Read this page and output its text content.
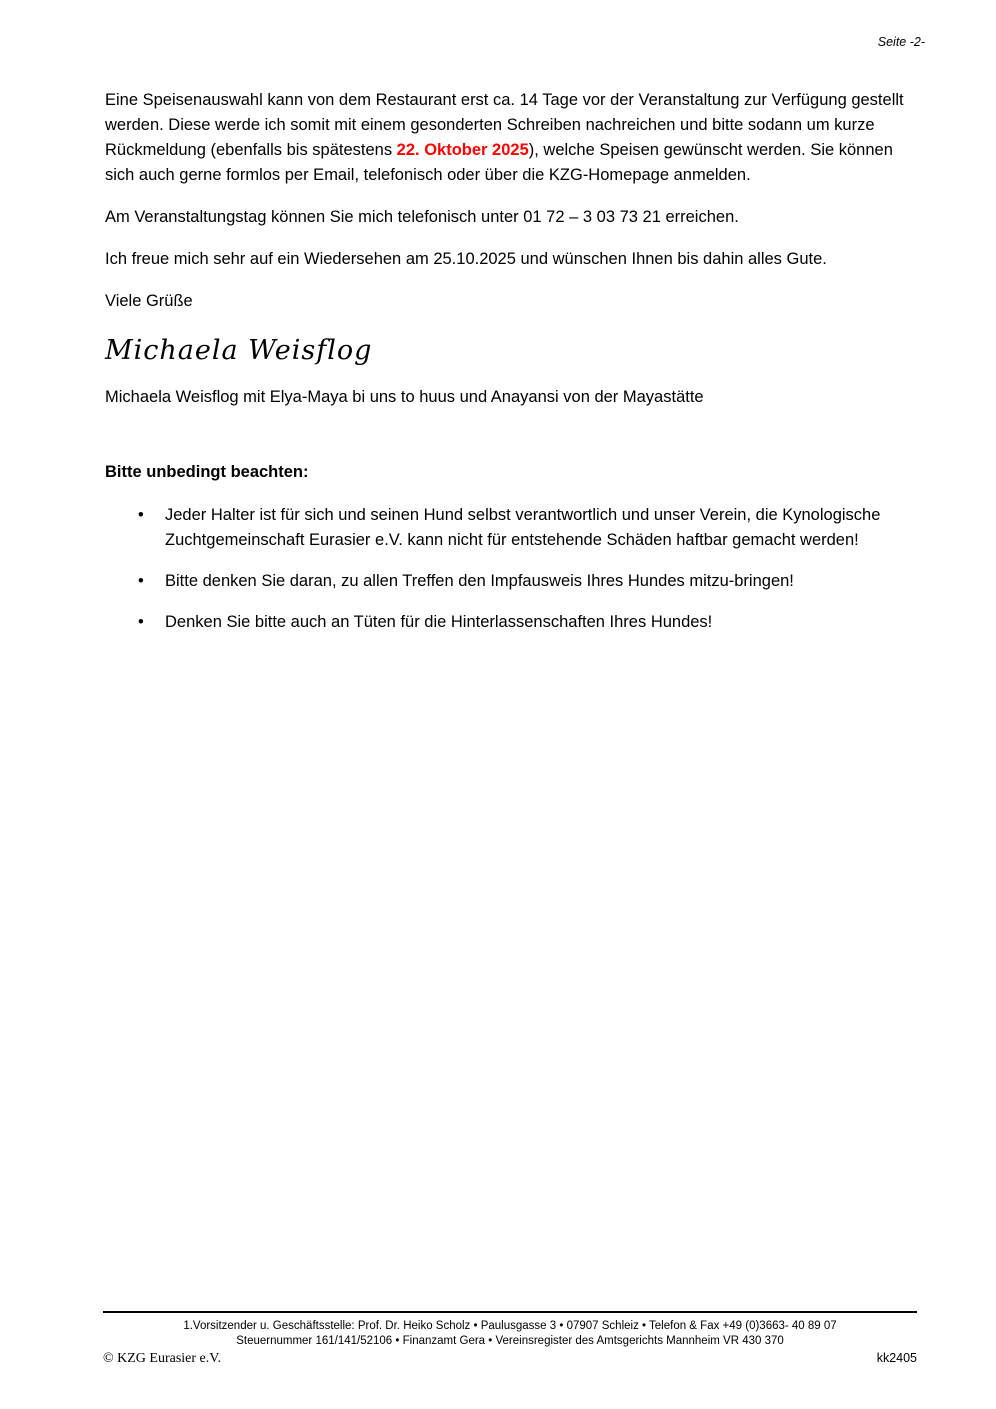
Seite -2-

Eine Speisenauswahl kann von dem Restaurant erst ca. 14 Tage vor der Veranstaltung zur Verfügung gestellt werden. Diese werde ich somit mit einem gesonderten Schreiben nachreichen und bitte sodann um kurze Rückmeldung (ebenfalls bis spätestens 22. Oktober 2025), welche Speisen gewünscht werden. Sie können sich auch gerne formlos per Email, telefonisch oder über die KZG-Homepage anmelden.

Am Veranstaltungstag können Sie mich telefonisch unter 01 72 – 3 03 73 21 erreichen.

Ich freue mich sehr auf ein Wiedersehen am 25.10.2025 und wünschen Ihnen bis dahin alles Gute.

Viele Grüße

Michaela Weisflog

Michaela Weisflog mit Elya-Maya bi uns to huus und Anayansi von der Mayastätte

Bitte unbedingt beachten:

• Jeder Halter ist für sich und seinen Hund selbst verantwortlich und unser Verein, die Kynologische Zuchtgemeinschaft Eurasier e.V. kann nicht für entstehende Schäden haftbar gemacht werden!
• Bitte denken Sie daran, zu allen Treffen den Impfausweis Ihres Hundes mitzu-bringen!
• Denken Sie bitte auch an Tüten für die Hinterlassenschaften Ihres Hundes!
1.Vorsitzender u. Geschäftsstelle: Prof. Dr. Heiko Scholz • Paulusgasse 3 • 07907 Schleiz • Telefon & Fax +49 (0)3663- 40 89 07
Steuernummer 161/141/52106 • Finanzamt Gera • Vereinsregister des Amtsgerichts Mannheim VR 430 370
© KZG Eurasier e.V.	kk2405
